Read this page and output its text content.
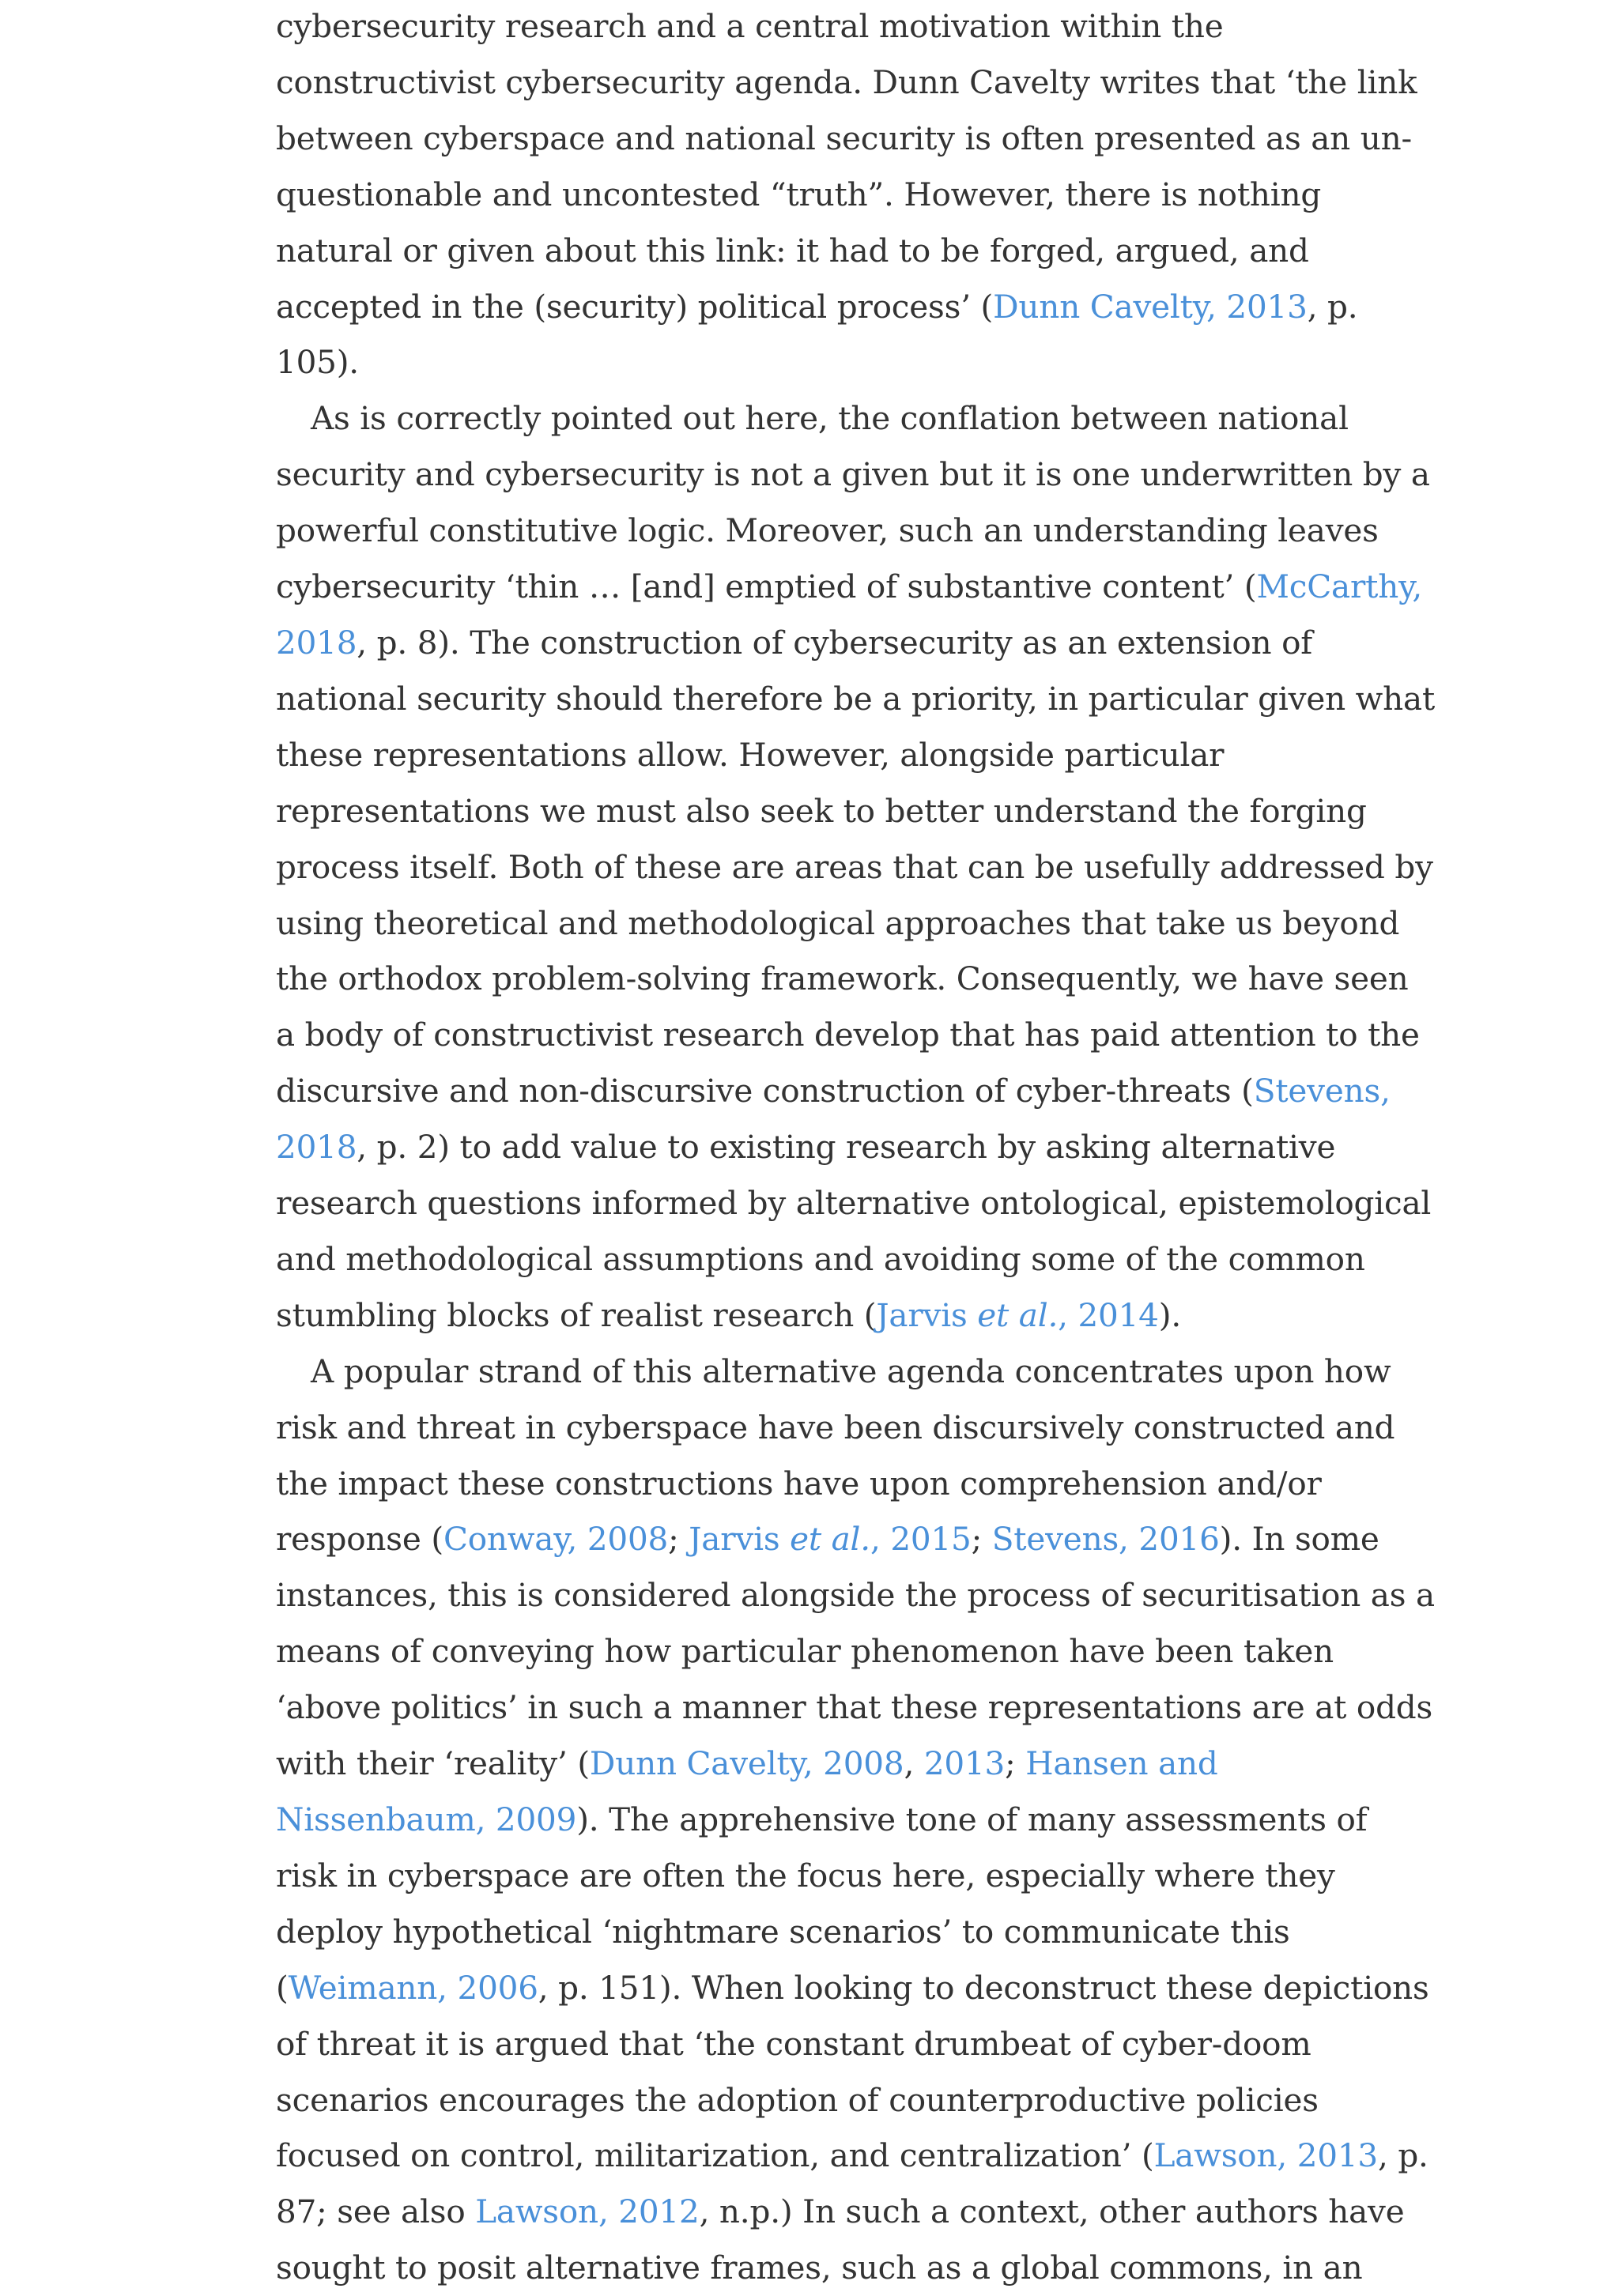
cybersecurity research and a central motivation within the
constructivist cybersecurity agenda. Dunn Cavelty writes that ‘the link
between cyberspace and national security is often presented as an un-
questionable and uncontested “truth”. However, there is nothing
natural or given about this link: it had to be forged, argued, and
accepted in the (security) political process’ (Dunn Cavelty, 2013, p.
105).
As is correctly pointed out here, the conflation between national
security and cybersecurity is not a given but it is one underwritten by a
powerful constitutive logic. Moreover, such an understanding leaves
cybersecurity ‘thin … [and] emptied of substantive content’ (McCarthy,
2018, p. 8). The construction of cybersecurity as an extension of
national security should therefore be a priority, in particular given what
these representations allow. However, alongside particular
representations we must also seek to better understand the forging
process itself. Both of these are areas that can be usefully addressed by
using theoretical and methodological approaches that take us beyond
the orthodox problem-solving framework. Consequently, we have seen
a body of constructivist research develop that has paid attention to the
discursive and non-discursive construction of cyber-threats (Stevens,
2018, p. 2) to add value to existing research by asking alternative
research questions informed by alternative ontological, epistemological
and methodological assumptions and avoiding some of the common
stumbling blocks of realist research (Jarvis et al., 2014).
A popular strand of this alternative agenda concentrates upon how
risk and threat in cyberspace have been discursively constructed and
the impact these constructions have upon comprehension and/or
response (Conway, 2008; Jarvis et al., 2015; Stevens, 2016). In some
instances, this is considered alongside the process of securitisation as a
means of conveying how particular phenomenon have been taken
‘above politics’ in such a manner that these representations are at odds
with their ‘reality’ (Dunn Cavelty, 2008, 2013; Hansen and
Nissenbaum, 2009). The apprehensive tone of many assessments of
risk in cyberspace are often the focus here, especially where they
deploy hypothetical ‘nightmare scenarios’ to communicate this
(Weimann, 2006, p. 151). When looking to deconstruct these depictions
of threat it is argued that ‘the constant drumbeat of cyber-doom
scenarios encourages the adoption of counterproductive policies
focused on control, militarization, and centralization’ (Lawson, 2013, p.
87; see also Lawson, 2012, n.p.) In such a context, other authors have
sought to posit alternative frames, such as a global commons, in an
